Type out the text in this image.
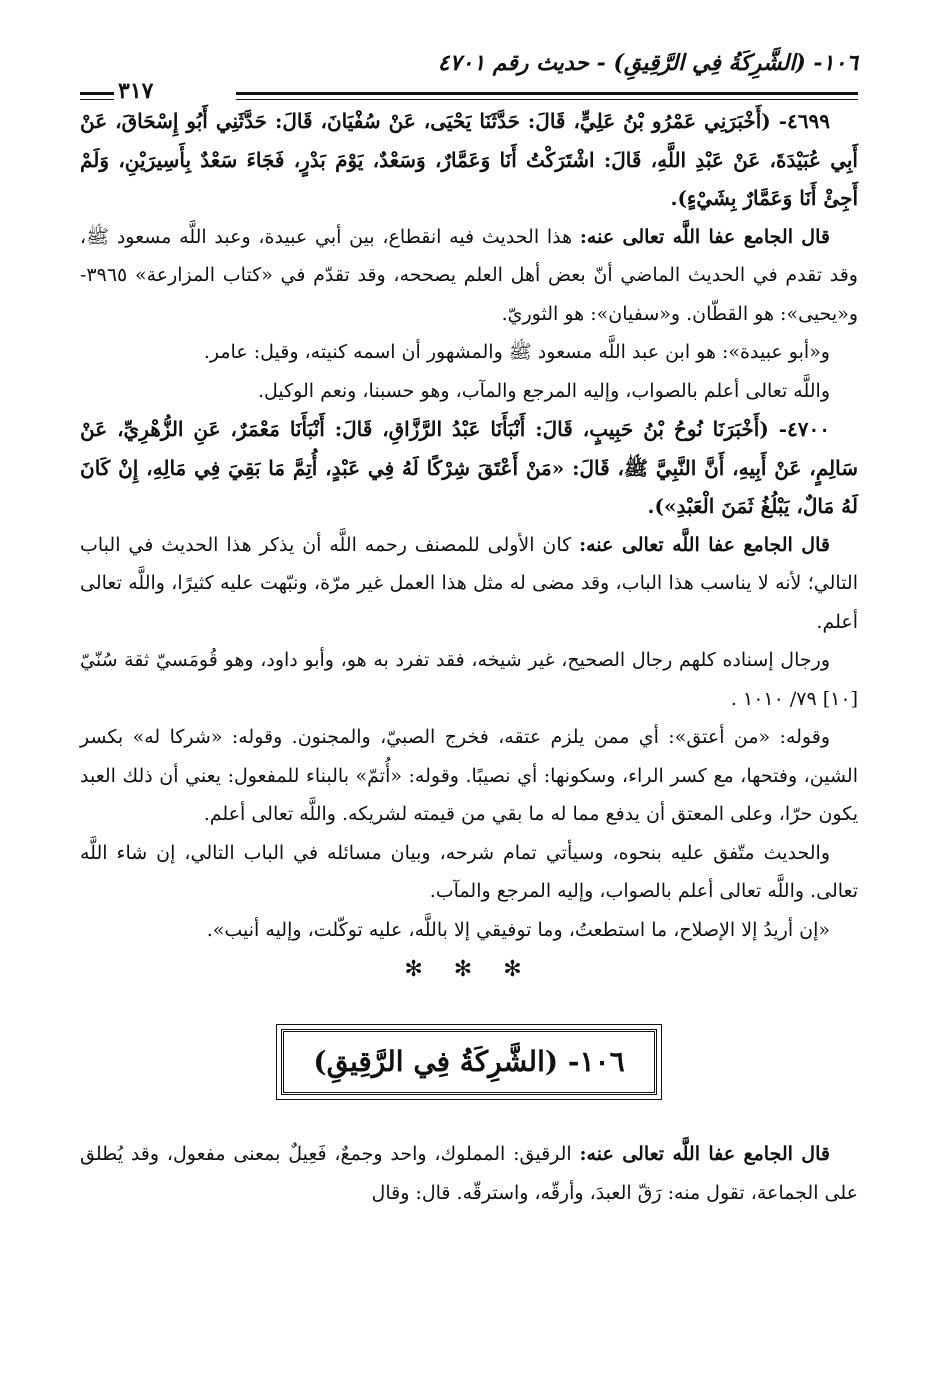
١٠٦- (الشَّرِكَةُ فِي الرَّقِيقِ) - حديث رقم ٤٧٠١
٣١٧

٤٦٩٩- (أَخْبَرَنِي عَمْرُو بْنُ عَلِيٍّ، قَالَ: حَدَّثَنَا يَحْيَى، عَنْ سُفْيَانَ، قَالَ: حَدَّثَنِي أَبُو إِسْحَاقَ، عَنْ أَبِي عُبَيْدَةَ، عَنْ عَبْدِ اللَّهِ، قَالَ: اشْتَرَكْتُ أَنَا وَعَمَّارٌ، وَسَعْدٌ، يَوْمَ بَدْرٍ، فَجَاءَ سَعْدٌ بِأَسِيرَيْنِ، وَلَمْ أَجِئْ أَنَا وَعَمَّارٌ بِشَيْءٍ).

قال الجامع عفا اللَّه تعالى عنه: هذا الحديث فيه انقطاع، بين أبي عبيدة، وعبد اللَّه مسعود ﷺ، وقد تقدم في الحديث الماضي أنّ بعض أهل العلم يصححه، وقد تقدّم في «كتاب المزارعة» ٣٩٦٥- و«يحيى»: هو القطّان. و«سفيان»: هو الثوريّ.

و«أبو عبيدة»: هو ابن عبد اللَّه مسعود ﷺ والمشهور أن اسمه كنيته، وقيل: عامر.

واللَّه تعالى أعلم بالصواب، وإليه المرجع والمآب، وهو حسبنا، ونعم الوكيل.

٤٧٠٠- (أَخْبَرَنَا نُوحُ بْنُ حَبِيبٍ، قَالَ: أَنْبَأَنَا عَبْدُ الرَّزَّاقِ، قَالَ: أَنْبَأَنَا مَعْمَرٌ، عَنِ الزُّهْرِيِّ، عَنْ سَالِمٍ، عَنْ أَبِيهِ، أَنَّ النَّبِيَّ ﷺ، قَالَ: «مَنْ أَعْتَقَ شِرْكًا لَهُ فِي عَبْدٍ، أُتِمَّ مَا بَقِيَ فِي مَالِهِ، إِنْ كَانَ لَهُ مَالٌ، يَبْلُغُ ثَمَنَ الْعَبْدِ»).

قال الجامع عفا اللَّه تعالى عنه: كان الأولى للمصنف رحمه اللَّه أن يذكر هذا الحديث في الباب التالي؛ لأنه لا يناسب هذا الباب، وقد مضى له مثل هذا العمل غير مرّة، ونبّهت عليه كثيرًا، واللَّه تعالى أعلم.

ورجال إسناده كلهم رجال الصحيح، غير شيخه، فقد تفرد به هو، وأبو داود، وهو قُومَسيّ ثقة سُنّيّ [١٠] ٧٩/ ١٠١٠ .

وقوله: «من أعتق»: أي ممن يلزم عتقه، فخرج الصبيّ، والمجنون. وقوله: «شركا له» بكسر الشين، وفتحها، مع كسر الراء، وسكونها: أي نصيبًا. وقوله: «أُتمّ» بالبناء للمفعول: يعني أن ذلك العبد يكون حرّا، وعلى المعتق أن يدفع مما له ما بقي من قيمته لشريكه. واللَّه تعالى أعلم.

والحديث متّفق عليه بنحوه، وسيأتي تمام شرحه، وبيان مسائله في الباب التالي، إن شاء اللَّه تعالى. واللَّه تعالى أعلم بالصواب، وإليه المرجع والمآب.

«إن أريدُ إلا الإصلاح، ما استطعتُ، وما توفيقي إلا باللَّه، عليه توكّلت، وإليه أنيب».

✻ ✻ ✻
١٠٦- (الشَّرِكَةُ فِي الرَّقِيقِ)

قال الجامع عفا اللَّه تعالى عنه: الرقيق: المملوك، واحد وجمعٌ، فَعِيلٌ بمعنى مفعول، وقد يُطلق على الجماعة، تقول منه: رَقّ العبدَ، وأرقّه، واسترقّه. قال: وقال
